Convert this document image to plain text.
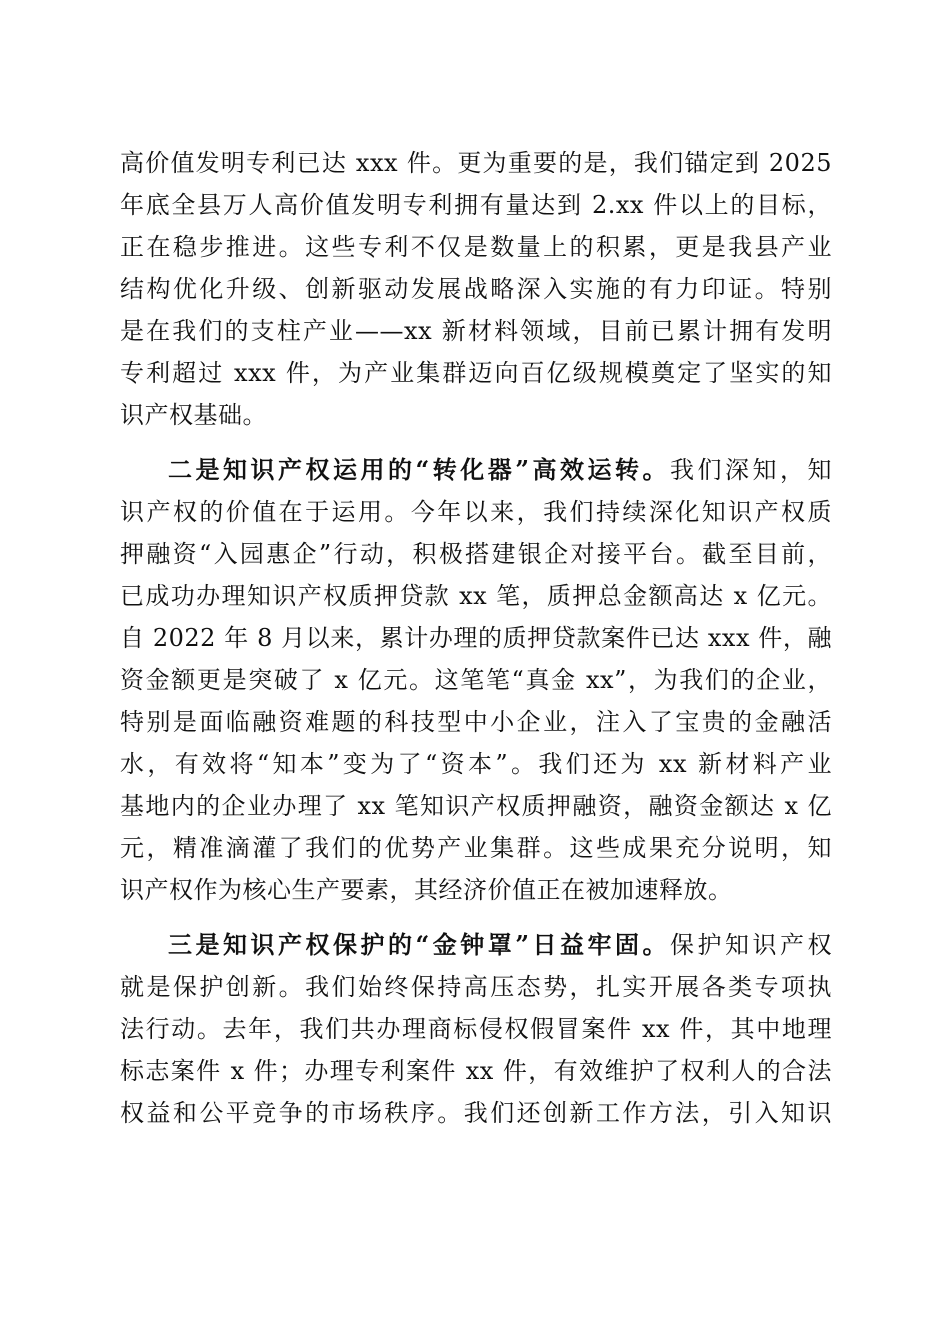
高价值发明专利已达 xxx 件。更为重要的是，我们锚定到 2025
年底全县万人高价值发明专利拥有量达到 2.xx 件以上的目标，
正在稳步推进。这些专利不仅是数量上的积累，更是我县产业
结构优化升级、创新驱动发展战略深入实施的有力印证。特别
是在我们的支柱产业——xx 新材料领域，目前已累计拥有发明
专利超过 xxx 件，为产业集群迈向百亿级规模奠定了坚实的知
识产权基础。
二是知识产权运用的“转化器”高效运转。我们深知，知
识产权的价值在于运用。今年以来，我们持续深化知识产权质
押融资“入园惠企”行动，积极搭建银企对接平台。截至目前，
已成功办理知识产权质押贷款 xx 笔，质押总金额高达 x 亿元。
自 2022 年 8 月以来，累计办理的质押贷款案件已达 xxx 件，融
资金额更是突破了 x 亿元。这笔笔“真金 xx”，为我们的企业，
特别是面临融资难题的科技型中小企业，注入了宝贵的金融活
水，有效将“知本”变为了“资本”。我们还为 xx 新材料产业
基地内的企业办理了 xx 笔知识产权质押融资，融资金额达 x 亿
元，精准滴灌了我们的优势产业集群。这些成果充分说明，知
识产权作为核心生产要素，其经济价值正在被加速释放。
三是知识产权保护的“金钟罩”日益牢固。保护知识产权
就是保护创新。我们始终保持高压态势，扎实开展各类专项执
法行动。去年，我们共办理商标侵权假冒案件 xx 件，其中地理
标志案件 x 件；办理专利案件 xx 件，有效维护了权利人的合法
权益和公平竞争的市场秩序。我们还创新工作方法，引入知识
